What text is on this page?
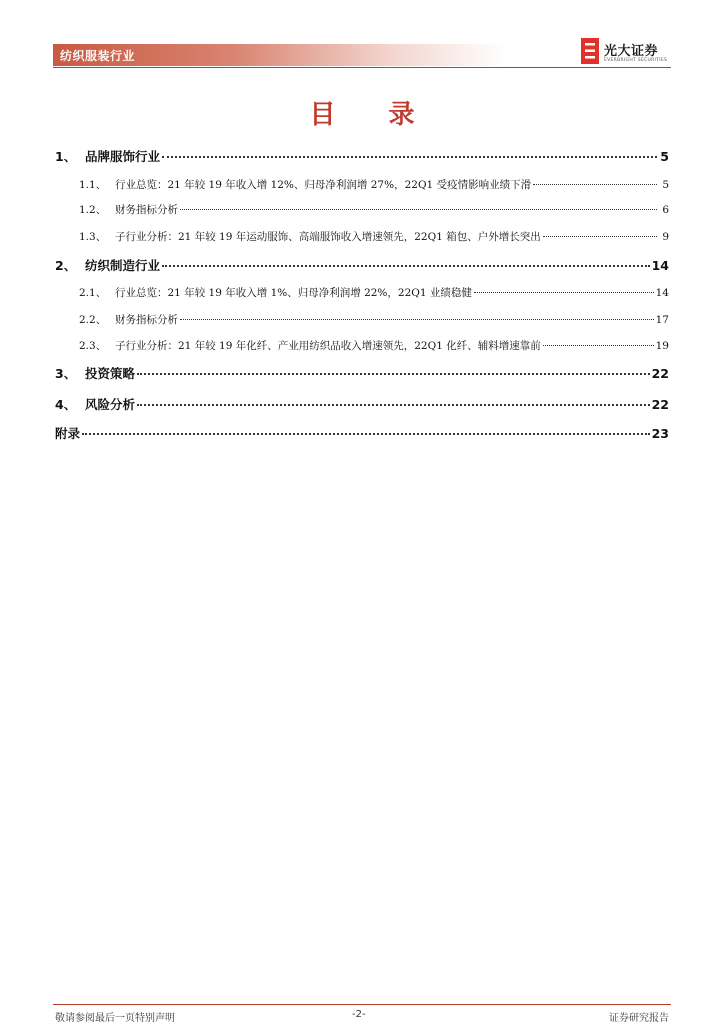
纺织服装行业	光大证券
EVERBRIGHT SECURITIES
目 录
1、 品牌服饰行业	5
1.1、 行业总览：21 年较 19 年收入增 12%、归母净利润增 27%，22Q1 受疫情影响业绩下滑	5
1.2、 财务指标分析	6
1.3、 子行业分析：21 年较 19 年运动服饰、高端服饰收入增速领先，22Q1 箱包、户外增长突出	9
2、 纺织制造行业	14
2.1、 行业总览：21 年较 19 年收入增 1%、归母净利润增 22%，22Q1 业绩稳健	14
2.2、 财务指标分析	17
2.3、 子行业分析：21 年较 19 年化纤、产业用纺织品收入增速领先，22Q1 化纤、辅料增速靠前	19
3、 投资策略	22
4、 风险分析	22
附录	23
敬请参阅最后一页特别声明	-2-	证券研究报告
